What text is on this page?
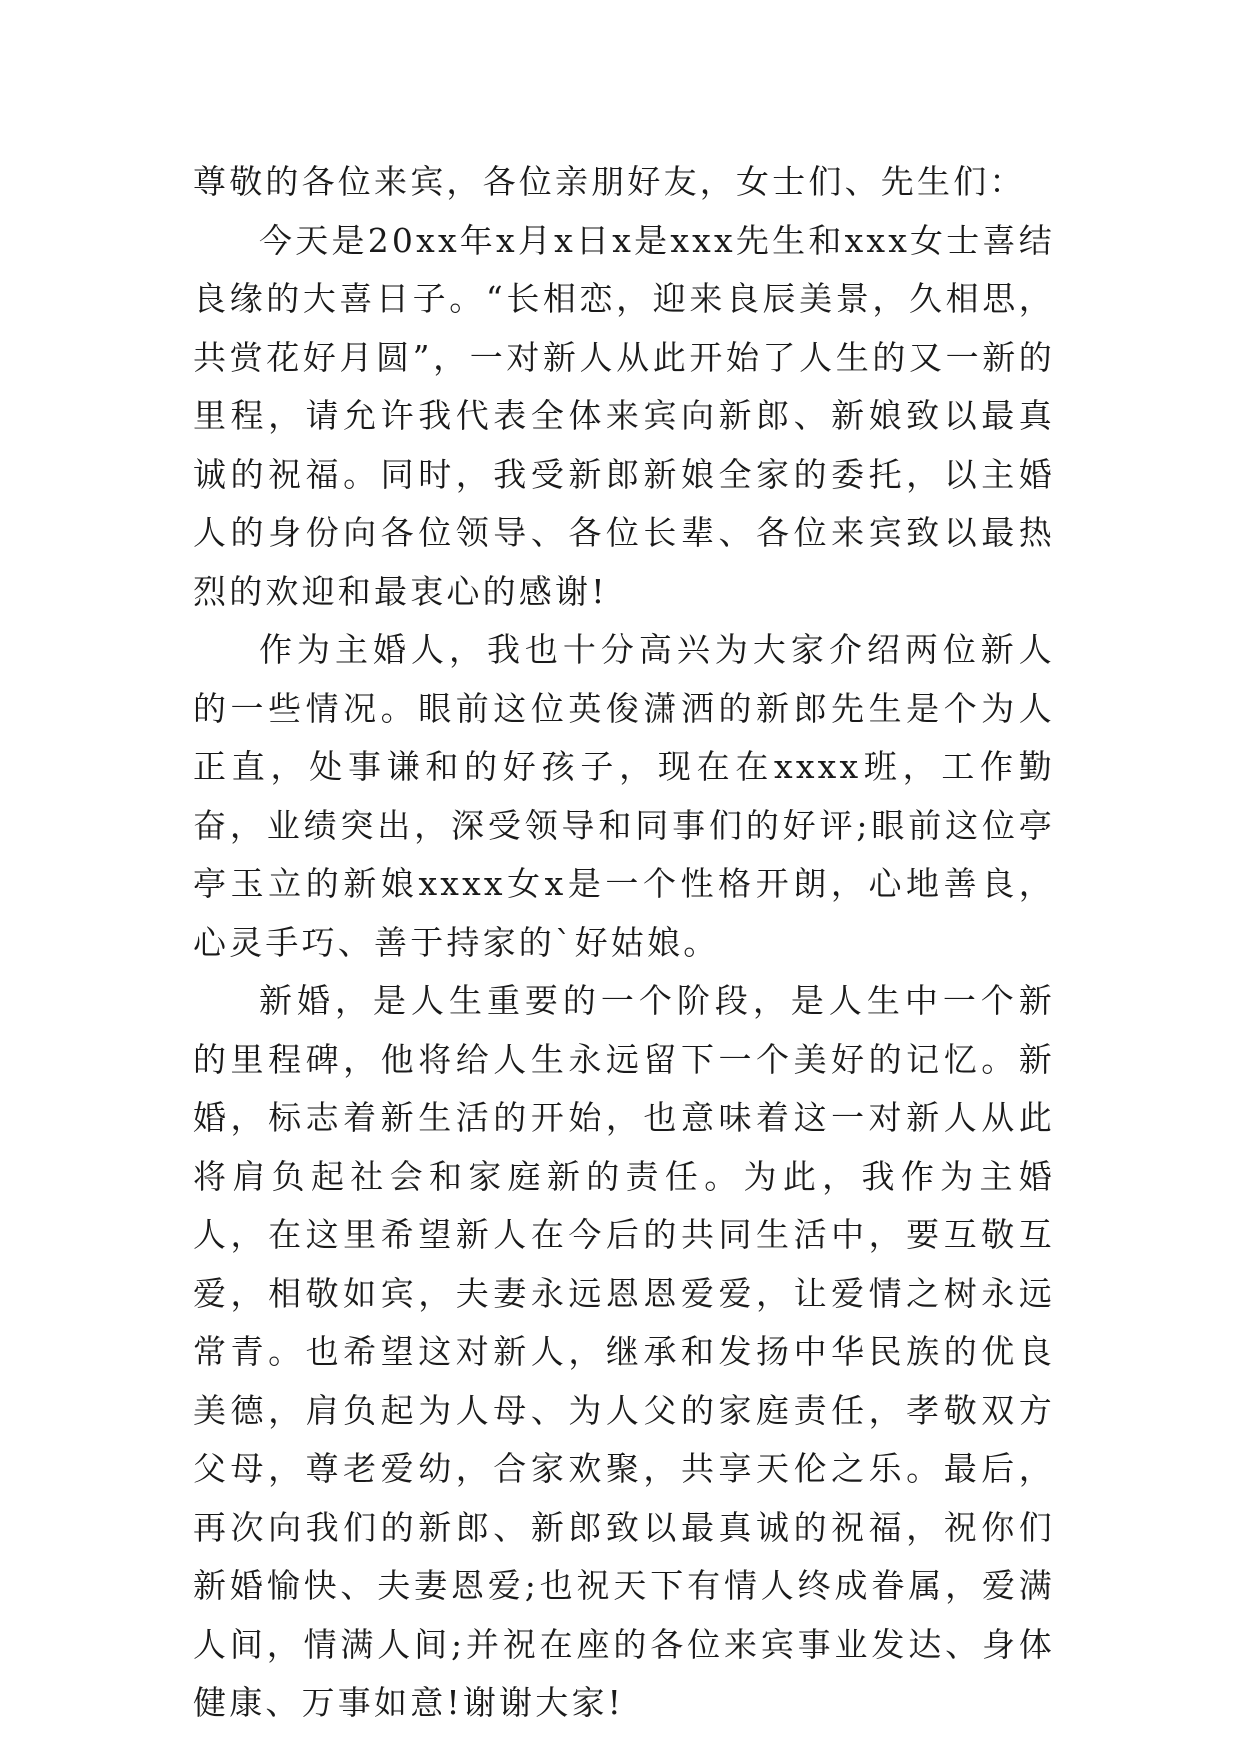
尊敬的各位来宾，各位亲朋好友，女士们、先生们：

今天是20xx年x月x日x是xxx先生和xxx女士喜结良缘的大喜日子。“长相恋，迎来良辰美景，久相思，共赏花好月圆”，一对新人从此开始了人生的又一新的里程，请允许我代表全体来宾向新郎、新娘致以最真诚的祝福。同时，我受新郎新娘全家的委托，以主婚人的身份向各位领导、各位长辈、各位来宾致以最热烈的欢迎和最衷心的感谢!

作为主婚人，我也十分高兴为大家介绍两位新人的一些情况。眼前这位英俊潇洒的新郎先生是个为人正直，处事谦和的好孩子，现在在xxxx班，工作勤奋，业绩突出，深受领导和同事们的好评;眼前这位亭亭玉立的新娘xxxx女x是一个性格开朗，心地善良，心灵手巧、善于持家的`好姑娘。

新婚，是人生重要的一个阶段，是人生中一个新的里程碑，他将给人生永远留下一个美好的记忆。新婚，标志着新生活的开始，也意味着这一对新人从此将肩负起社会和家庭新的责任。为此，我作为主婚人，在这里希望新人在今后的共同生活中，要互敬互爱，相敬如宾，夫妻永远恩恩爱爱，让爱情之树永远常青。也希望这对新人，继承和发扬中华民族的优良美德，肩负起为人母、为人父的家庭责任，孝敬双方父母，尊老爱幼，合家欢聚，共享天伦之乐。最后，再次向我们的新郎、新郎致以最真诚的祝福，祝你们新婚愉快、夫妻恩爱;也祝天下有情人终成眷属，爱满人间，情满人间;并祝在座的各位来宾事业发达、身体健康、万事如意!谢谢大家!
